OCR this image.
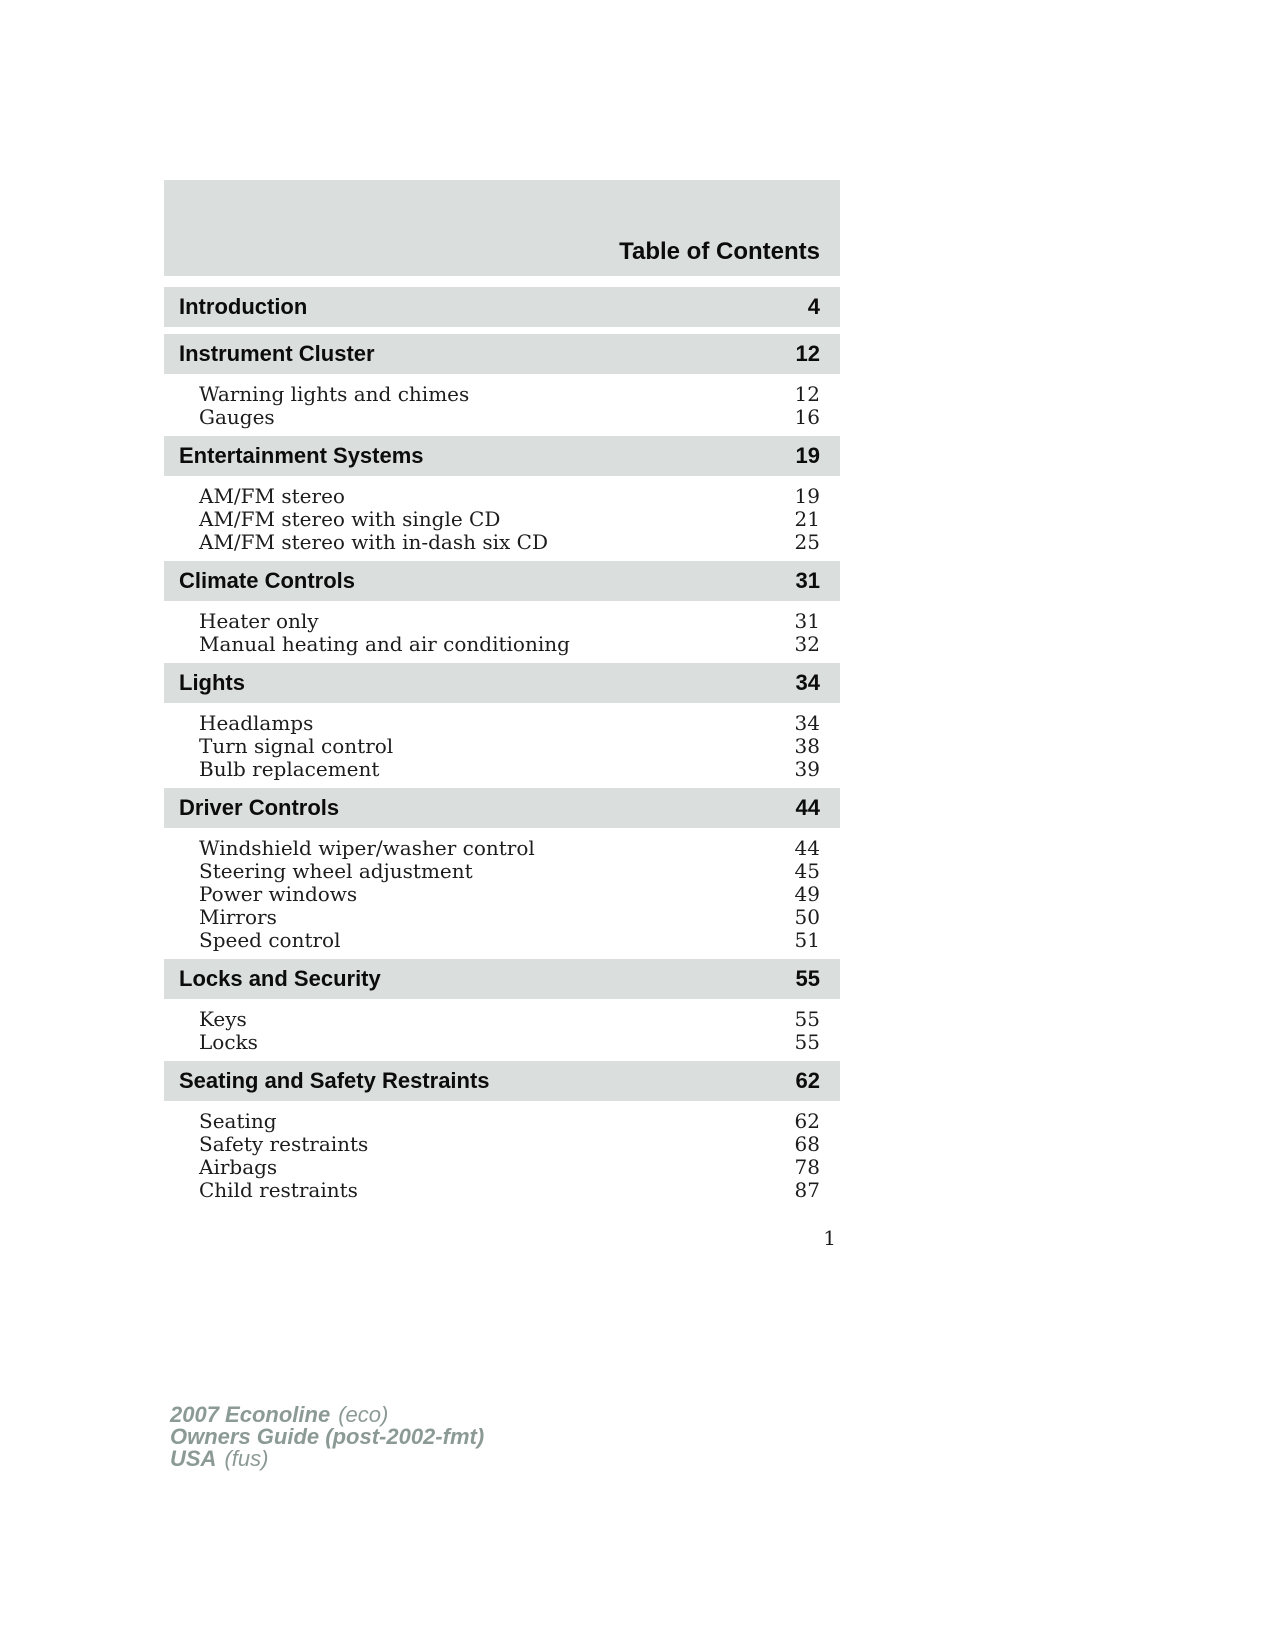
Table of Contents
Introduction	4
Instrument Cluster	12
Warning lights and chimes	12
Gauges	16
Entertainment Systems	19
AM/FM stereo	19
AM/FM stereo with single CD	21
AM/FM stereo with in-dash six CD	25
Climate Controls	31
Heater only	31
Manual heating and air conditioning	32
Lights	34
Headlamps	34
Turn signal control	38
Bulb replacement	39
Driver Controls	44
Windshield wiper/washer control	44
Steering wheel adjustment	45
Power windows	49
Mirrors	50
Speed control	51
Locks and Security	55
Keys	55
Locks	55
Seating and Safety Restraints	62
Seating	62
Safety restraints	68
Airbags	78
Child restraints	87
1
2007 Econoline (eco)
Owners Guide (post-2002-fmt)
USA (fus)
